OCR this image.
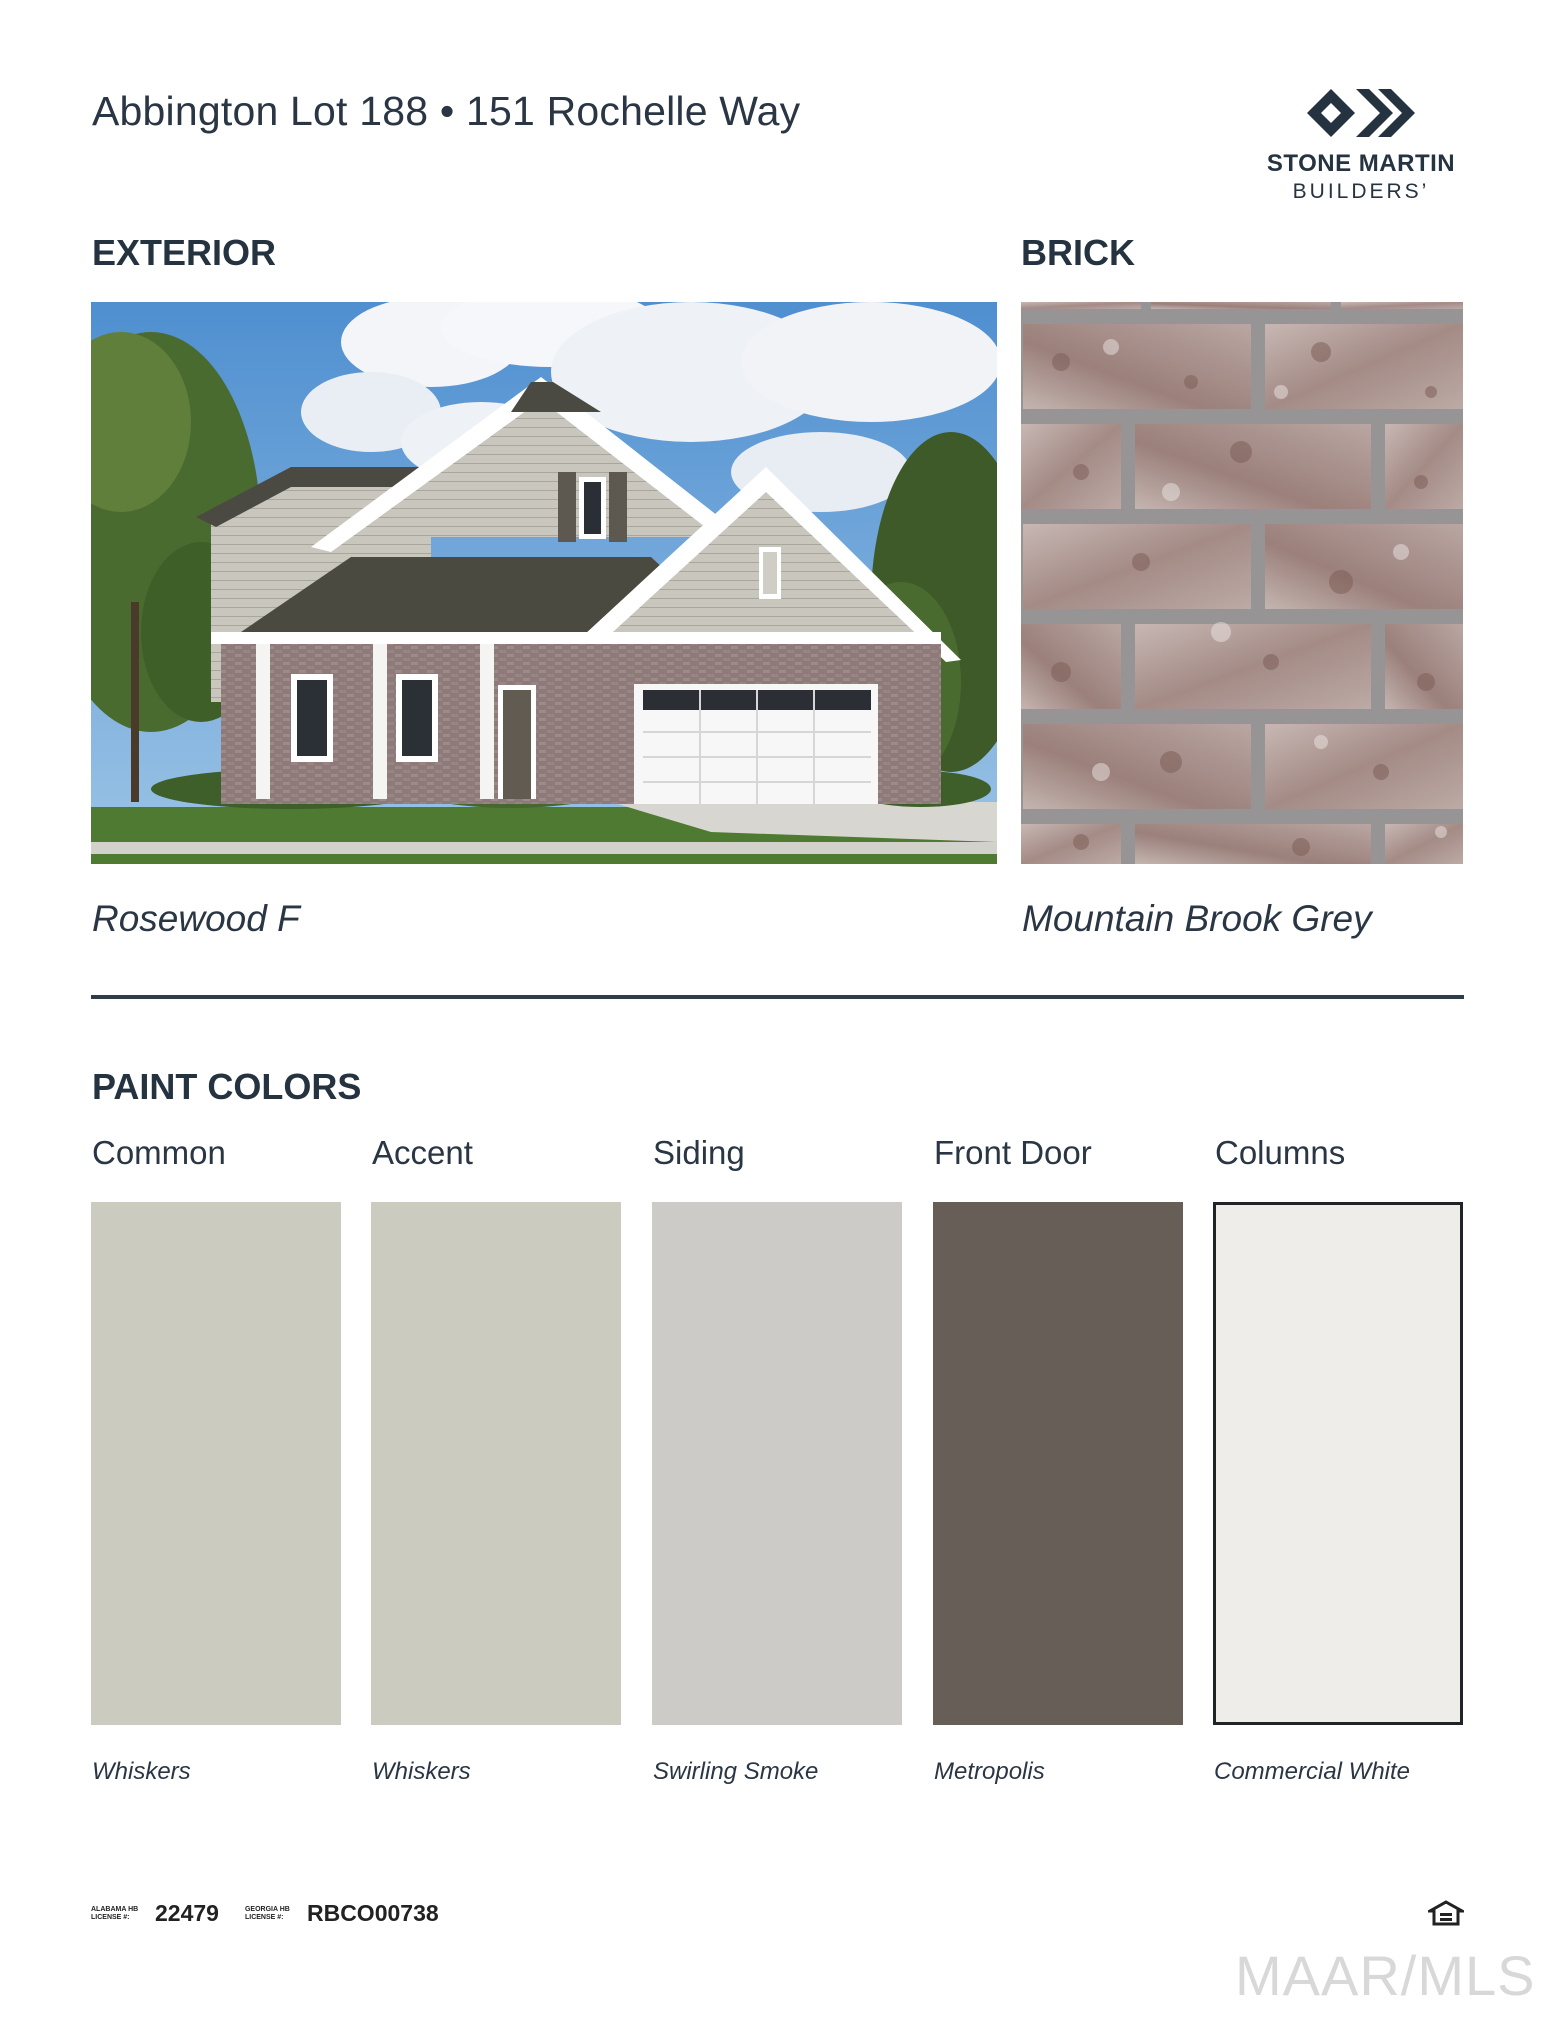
Abbington Lot 188 • 151 Rochelle Way
STONE MARTIN
BUILDERS’
EXTERIOR	BRICK
Rosewood F	Mountain Brook Grey
PAINT COLORS
Common	Accent	Siding	Front Door	Columns
Whiskers	Whiskers	Swirling Smoke	Metropolis	Commercial White
ALABAMA HB LICENSE #: 22479	GEORGIA HB LICENSE #: RBCO00738
MAAR/MLS
